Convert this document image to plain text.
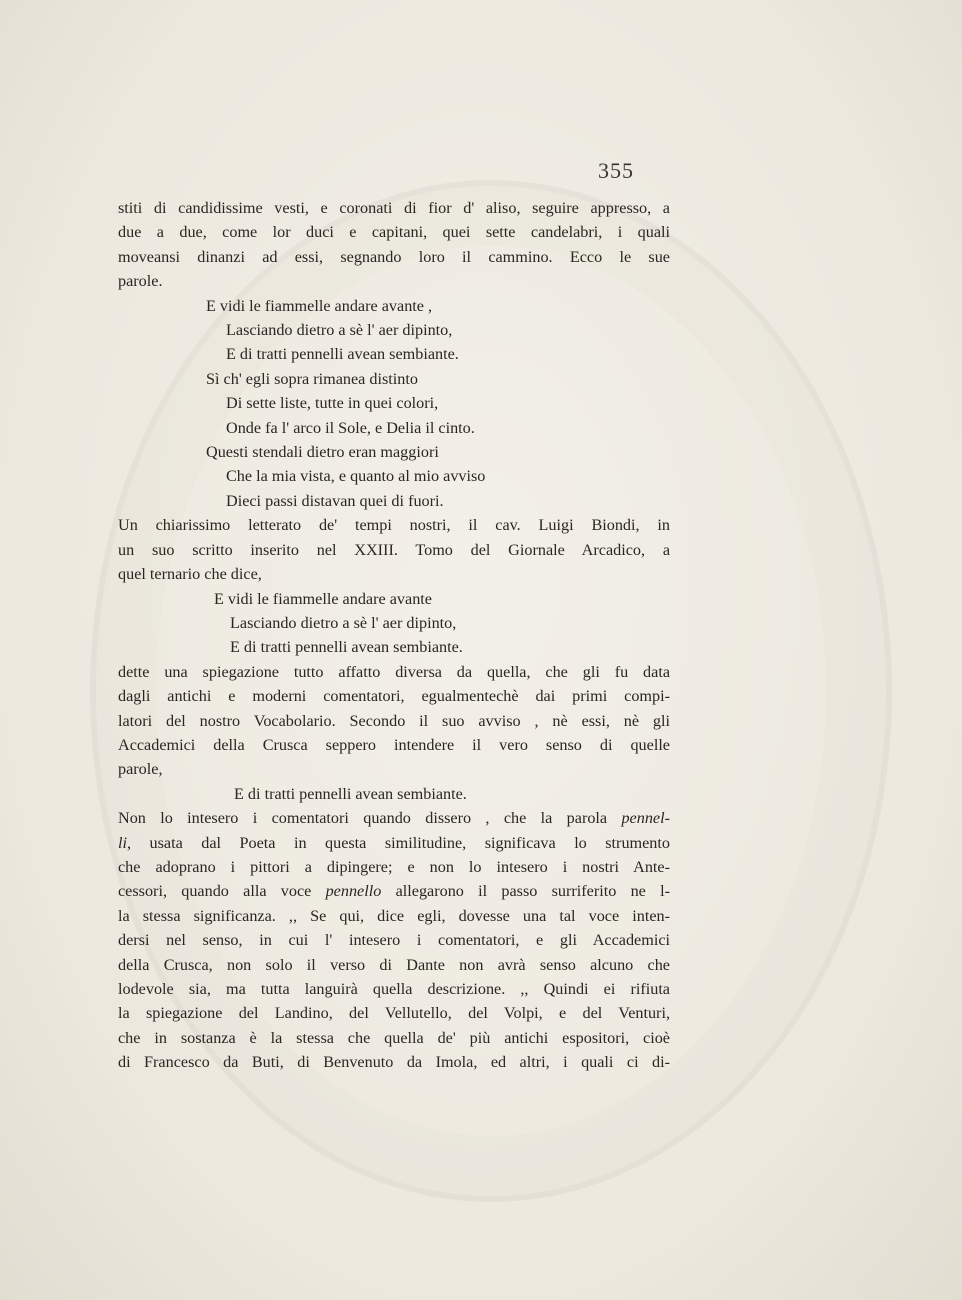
355
stiti di candidissime vesti, e coronati di fior d' aliso, seguire appresso, a
due a due, come lor duci e capitani, quei sette candelabri, i quali
moveansi dinanzi ad essi, segnando loro il cammino. Ecco le sue
parole.
E vidi le fiammelle andare avante ,
Lasciando dietro a sè l' aer dipinto,
E di tratti pennelli avean sembiante.
Sì ch' egli sopra rimanea distinto
Di sette liste, tutte in quei colori,
Onde fa l' arco il Sole, e Delia il cinto.
Questi stendali dietro eran maggiori
Che la mia vista, e quanto al mio avviso
Dieci passi distavan quei di fuori.
Un chiarissimo letterato de' tempi nostri, il cav. Luigi Biondi, in
un suo scritto inserito nel XXIII. Tomo del Giornale Arcadico, a
quel ternario che dice,
E vidi le fiammelle andare avante
Lasciando dietro a sè l' aer dipinto,
E di tratti pennelli avean sembiante.
dette una spiegazione tutto affatto diversa da quella, che gli fu data
dagli antichi e moderni comentatori, egualmentechè dai primi compi-
latori del nostro Vocabolario. Secondo il suo avviso , nè essi, nè gli
Accademici della Crusca seppero intendere il vero senso di quelle
parole,
E di tratti pennelli avean sembiante.
Non lo intesero i comentatori quando dissero , che la parola pennel-
li, usata dal Poeta in questa similitudine, significava lo strumento
che adoprano i pittori a dipingere; e non lo intesero i nostri Ante-
cessori, quando alla voce pennello allegarono il passo surriferito ne l-
la stessa significanza. ,, Se qui, dice egli, dovesse una tal voce inten-
dersi nel senso, in cui l' intesero i comentatori, e gli Accademici
della Crusca, non solo il verso di Dante non avrà senso alcuno che
lodevole sia, ma tutta languirà quella descrizione. ,, Quindi ei rifiuta
la spiegazione del Landino, del Vellutello, del Volpi, e del Venturi,
che in sostanza è la stessa che quella de' più antichi espositori, cioè
di Francesco da Buti, di Benvenuto da Imola, ed altri, i quali ci di-
